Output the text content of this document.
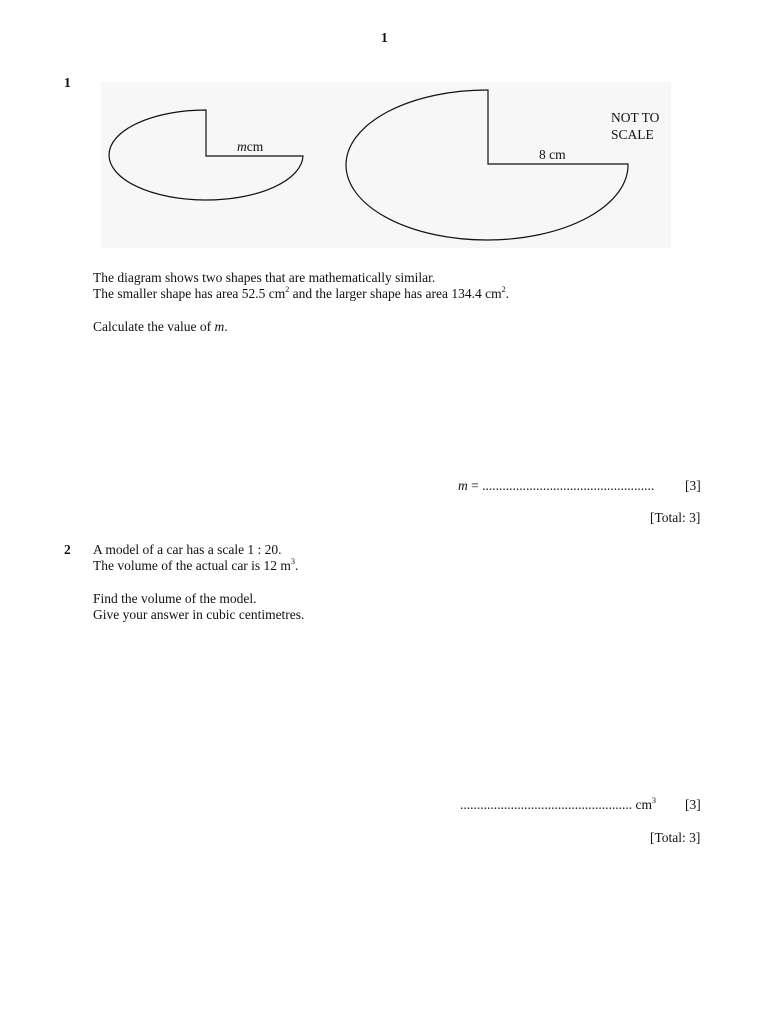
1
1
mcm
8 cm
NOT TO
SCALE
The diagram shows two shapes that are mathematically similar.
The smaller shape has area 52.5 $cm^2$ and the larger shape has area 134.4 $cm^2$.
Calculate the value of m.
m = ................................................... [3]
[Total: 3]
2 A model of a car has a scale 1 : 20.
The volume of the actual car is 12 $m^3$.
Find the volume of the model.
Give your answer in cubic centimetres.
................................................... $cm^3$ [3]
[Total: 3]
